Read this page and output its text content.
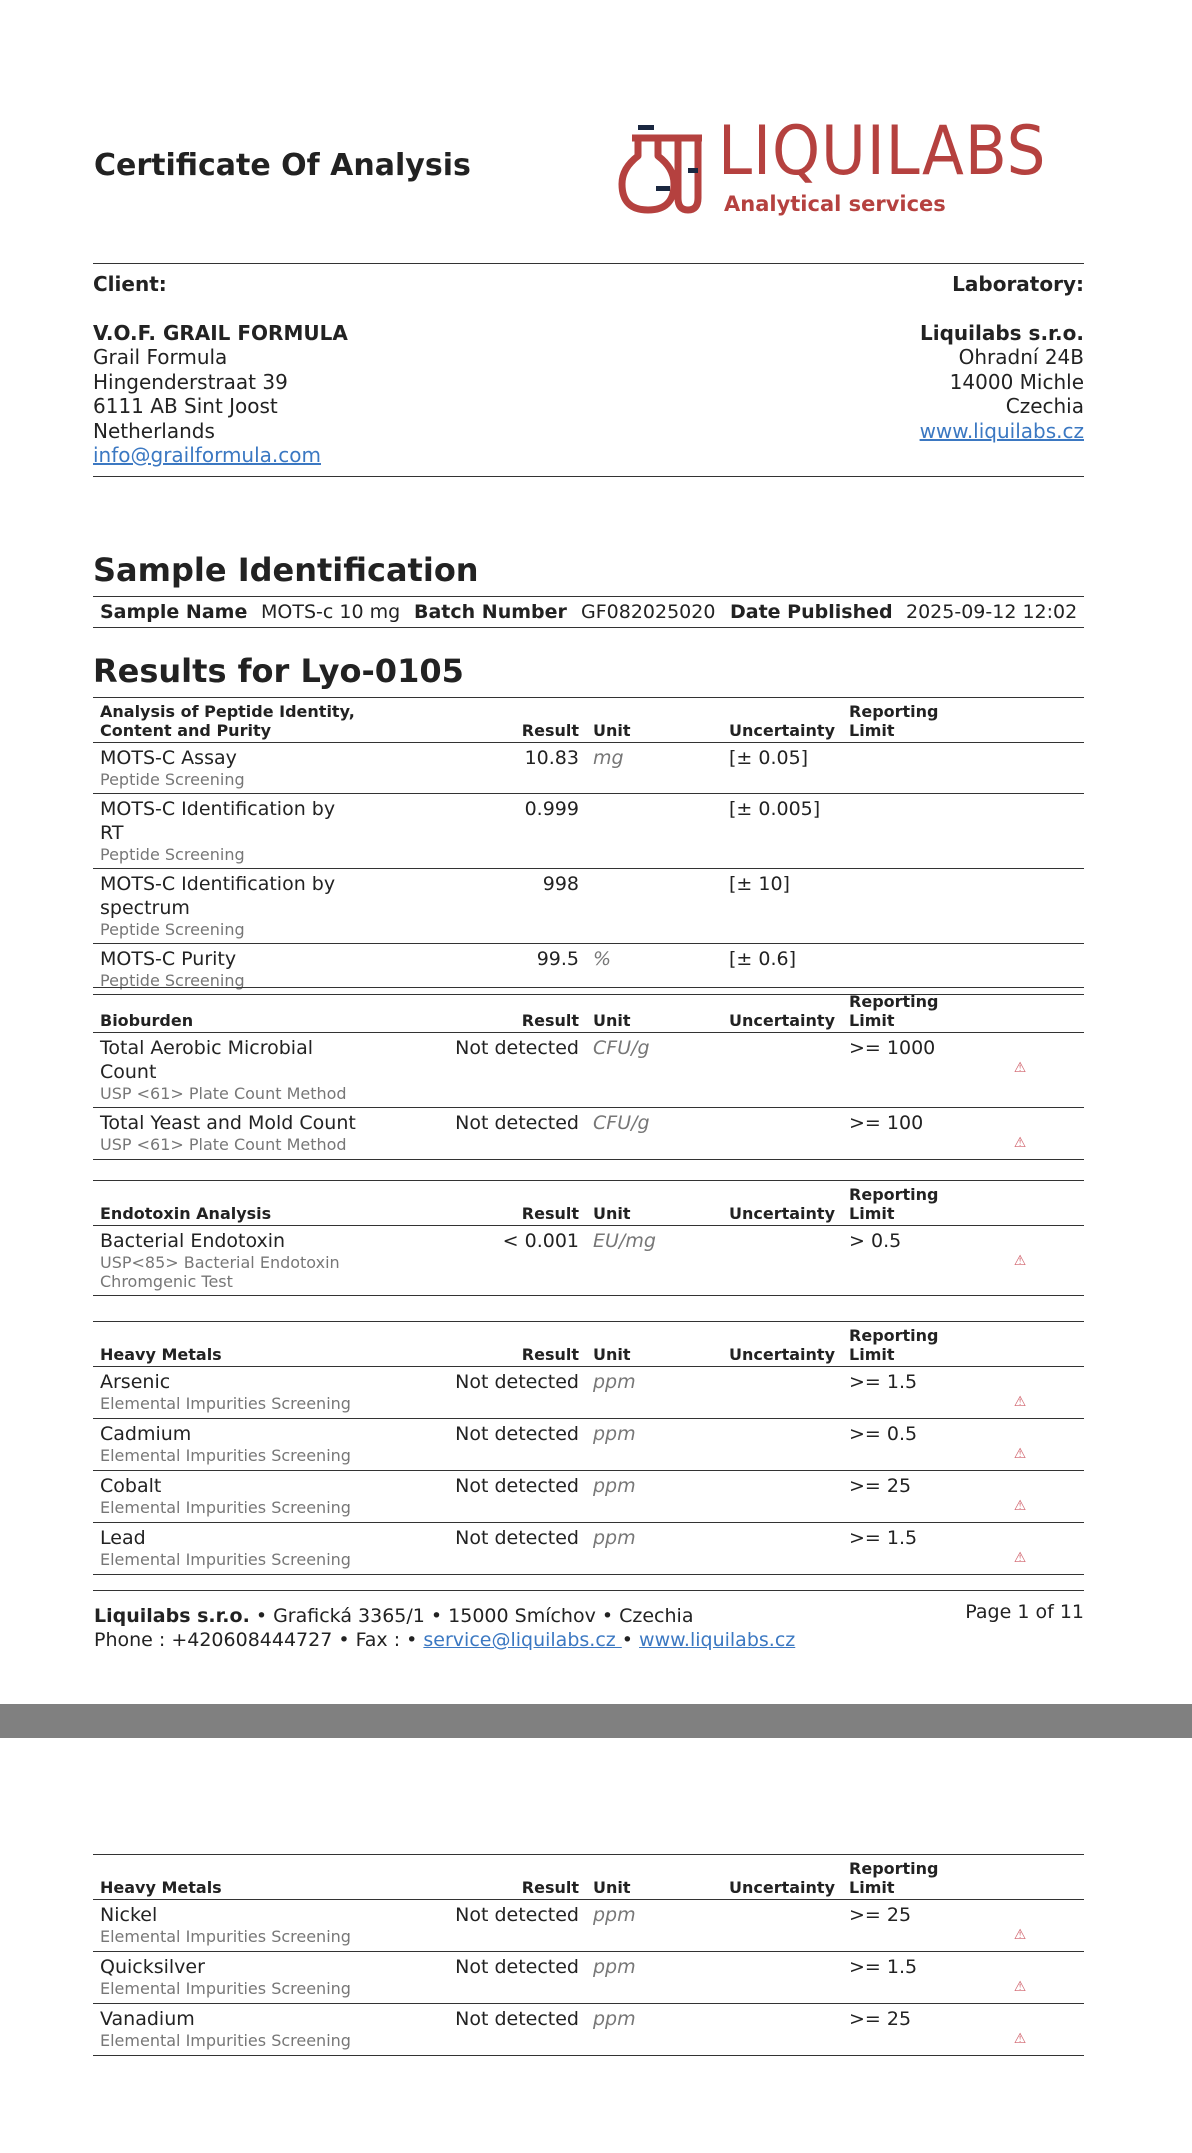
Certificate Of Analysis	LIQUILABS
Analytical services
Client:
V.O.F. GRAIL FORMULA
Grail Formula
Hingenderstraat 39
6111 AB Sint Joost
Netherlands
info@grailformula.com
Laboratory:
Liquilabs s.r.o.
Ohradní 24B
14000 Michle
Czechia
www.liquilabs.cz
Sample Identification
Sample Name MOTS-c 10 mg Batch Number GF082025020 Date Published 2025-09-12 12:02
Results for Lyo-0105
Analysis of Peptide Identity, Content and Purity	Result	Unit	Uncertainty	Reporting Limit	
MOTS-C Assay
Peptide Screening	10.83	mg	[± 0.05]		
MOTS-C Identification by RT
Peptide Screening	0.999		[± 0.005]		
MOTS-C Identification by spectrum
Peptide Screening	998		[± 10]		
MOTS-C Purity
Peptide Screening	99.5	%	[± 0.6]		
Bioburden	Result	Unit	Uncertainty	Reporting Limit	
Total Aerobic Microbial Count
USP <61> Plate Count Method	Not detected	CFU/g		>= 1000	⚠
Total Yeast and Mold Count
USP <61> Plate Count Method	Not detected	CFU/g		>= 100	⚠
Endotoxin Analysis	Result	Unit	Uncertainty	Reporting Limit	
Bacterial Endotoxin
USP<85> Bacterial Endotoxin Chromgenic Test	< 0.001	EU/mg		> 0.5	⚠
Heavy Metals	Result	Unit	Uncertainty	Reporting Limit	
Arsenic
Elemental Impurities Screening	Not detected	ppm		>= 1.5	⚠
Cadmium
Elemental Impurities Screening	Not detected	ppm		>= 0.5	⚠
Cobalt
Elemental Impurities Screening	Not detected	ppm		>= 25	⚠
Lead
Elemental Impurities Screening	Not detected	ppm		>= 1.5	⚠
Liquilabs s.r.o. • Grafická 3365/1 • 15000 Smíchov • Czechia
Phone : +420608444727 • Fax : • service@liquilabs.cz • www.liquilabs.cz
Page 1 of 11
Heavy Metals	Result	Unit	Uncertainty	Reporting Limit	
Nickel
Elemental Impurities Screening	Not detected	ppm		>= 25	⚠
Quicksilver
Elemental Impurities Screening	Not detected	ppm		>= 1.5	⚠
Vanadium
Elemental Impurities Screening	Not detected	ppm		>= 25	⚠
